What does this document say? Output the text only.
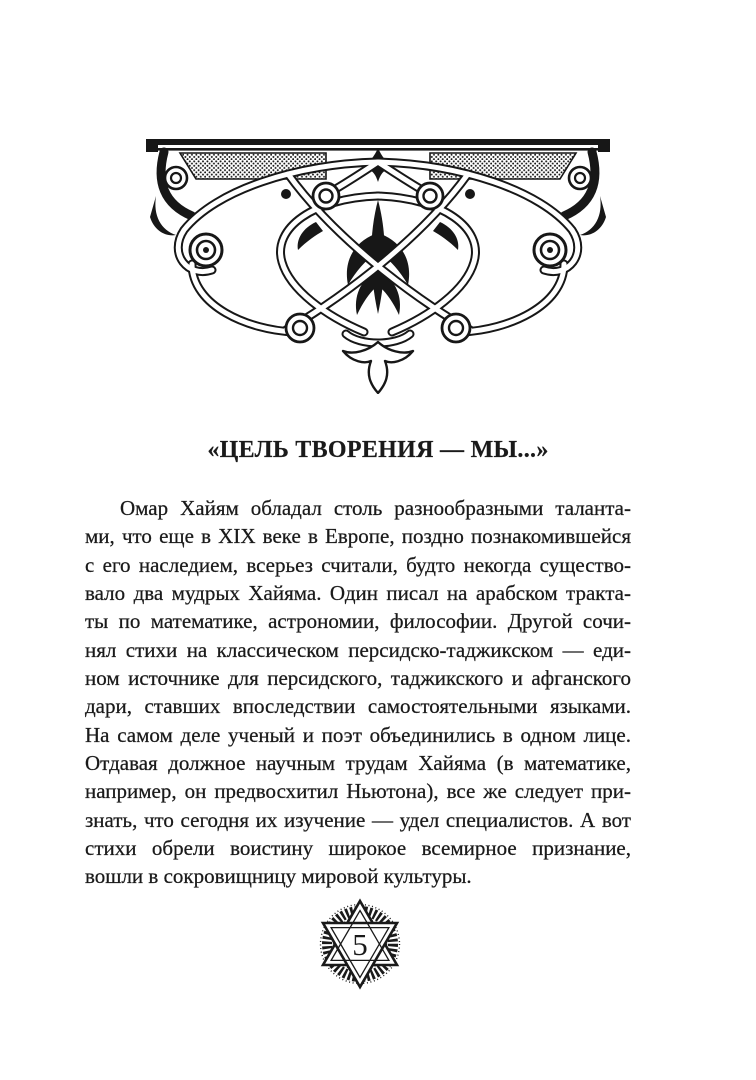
«ЦЕЛЬ ТВОРЕНИЯ — МЫ...»
Омар Хайям обладал столь разнообразными таланта-
ми, что еще в XIX веке в Европе, поздно познакомившейся
с его наследием, всерьез считали, будто некогда существо-
вало два мудрых Хайяма. Один писал на арабском тракта-
ты по математике, астрономии, философии. Другой сочи-
нял стихи на классическом персидско-таджикском — еди-
ном источнике для персидского, таджикского и афганского
дари, ставших впоследствии самостоятельными языками.
На самом деле ученый и поэт объединились в одном лице.
Отдавая должное научным трудам Хайяма (в математике,
например, он предвосхитил Ньютона), все же следует при-
знать, что сегодня их изучение — удел специалистов. А вот
стихи обрели воистину широкое всемирное признание,
вошли в сокровищницу мировой культуры.
5
